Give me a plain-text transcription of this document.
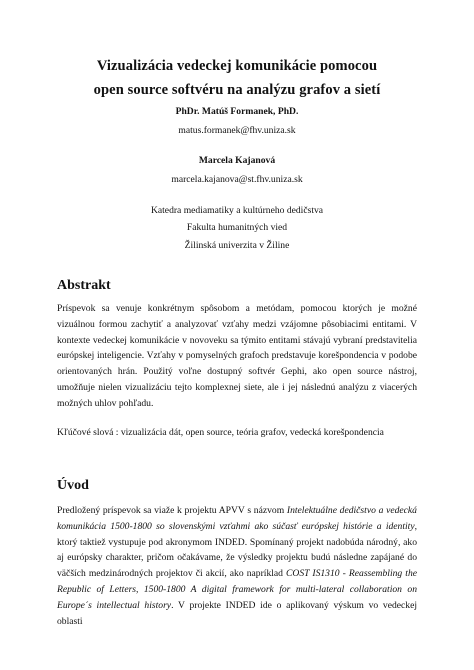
Vizualizácia vedeckej komunikácie pomocou
open source softvéru na analýzu grafov a sietí
PhDr. Matúš Formanek, PhD.
matus.formanek@fhv.uniza.sk
Marcela Kajanová
marcela.kajanova@st.fhv.uniza.sk
Katedra mediamatiky a kultúrneho dedičstva
Fakulta humanitných vied
Žilinská univerzita v Žiline
Abstrakt
Príspevok sa venuje konkrétnym spôsobom a metódam, pomocou ktorých je možné vizuálnou formou zachytiť a analyzovať vzťahy medzi vzájomne pôsobiacimi entitami. V kontexte vedeckej komunikácie v novoveku sa týmito entitami stávajú vybraní predstavitelia európskej inteligencie. Vzťahy v pomyselných grafoch predstavuje korešpondencia v podobe orientovaných hrán. Použitý voľne dostupný softvér Gephi, ako open source nástroj, umožňuje nielen vizualizáciu tejto komplexnej siete, ale i jej následnú analýzu z viacerých možných uhlov pohľadu.
Kľúčové slová : vizualizácia dát, open source, teória grafov, vedecká korešpondencia
Úvod
Predložený príspevok sa viaže k projektu APVV s názvom Intelektuálne dedičstvo a vedecká komunikácia 1500-1800 so slovenskými vzťahmi ako súčasť európskej histórie a identity, ktorý taktiež vystupuje pod akronymom INDED. Spomínaný projekt nadobúda národný, ako aj európsky charakter, pričom očakávame, že výsledky projektu budú následne zapájané do väčších medzinárodných projektov či akcií, ako napríklad COST IS1310 - Reassembling the Republic of Letters, 1500-1800 A digital framework for multi-lateral collaboration on Europe´s intellectual history. V projekte INDED ide o aplikovaný výskum vo vedeckej oblasti
